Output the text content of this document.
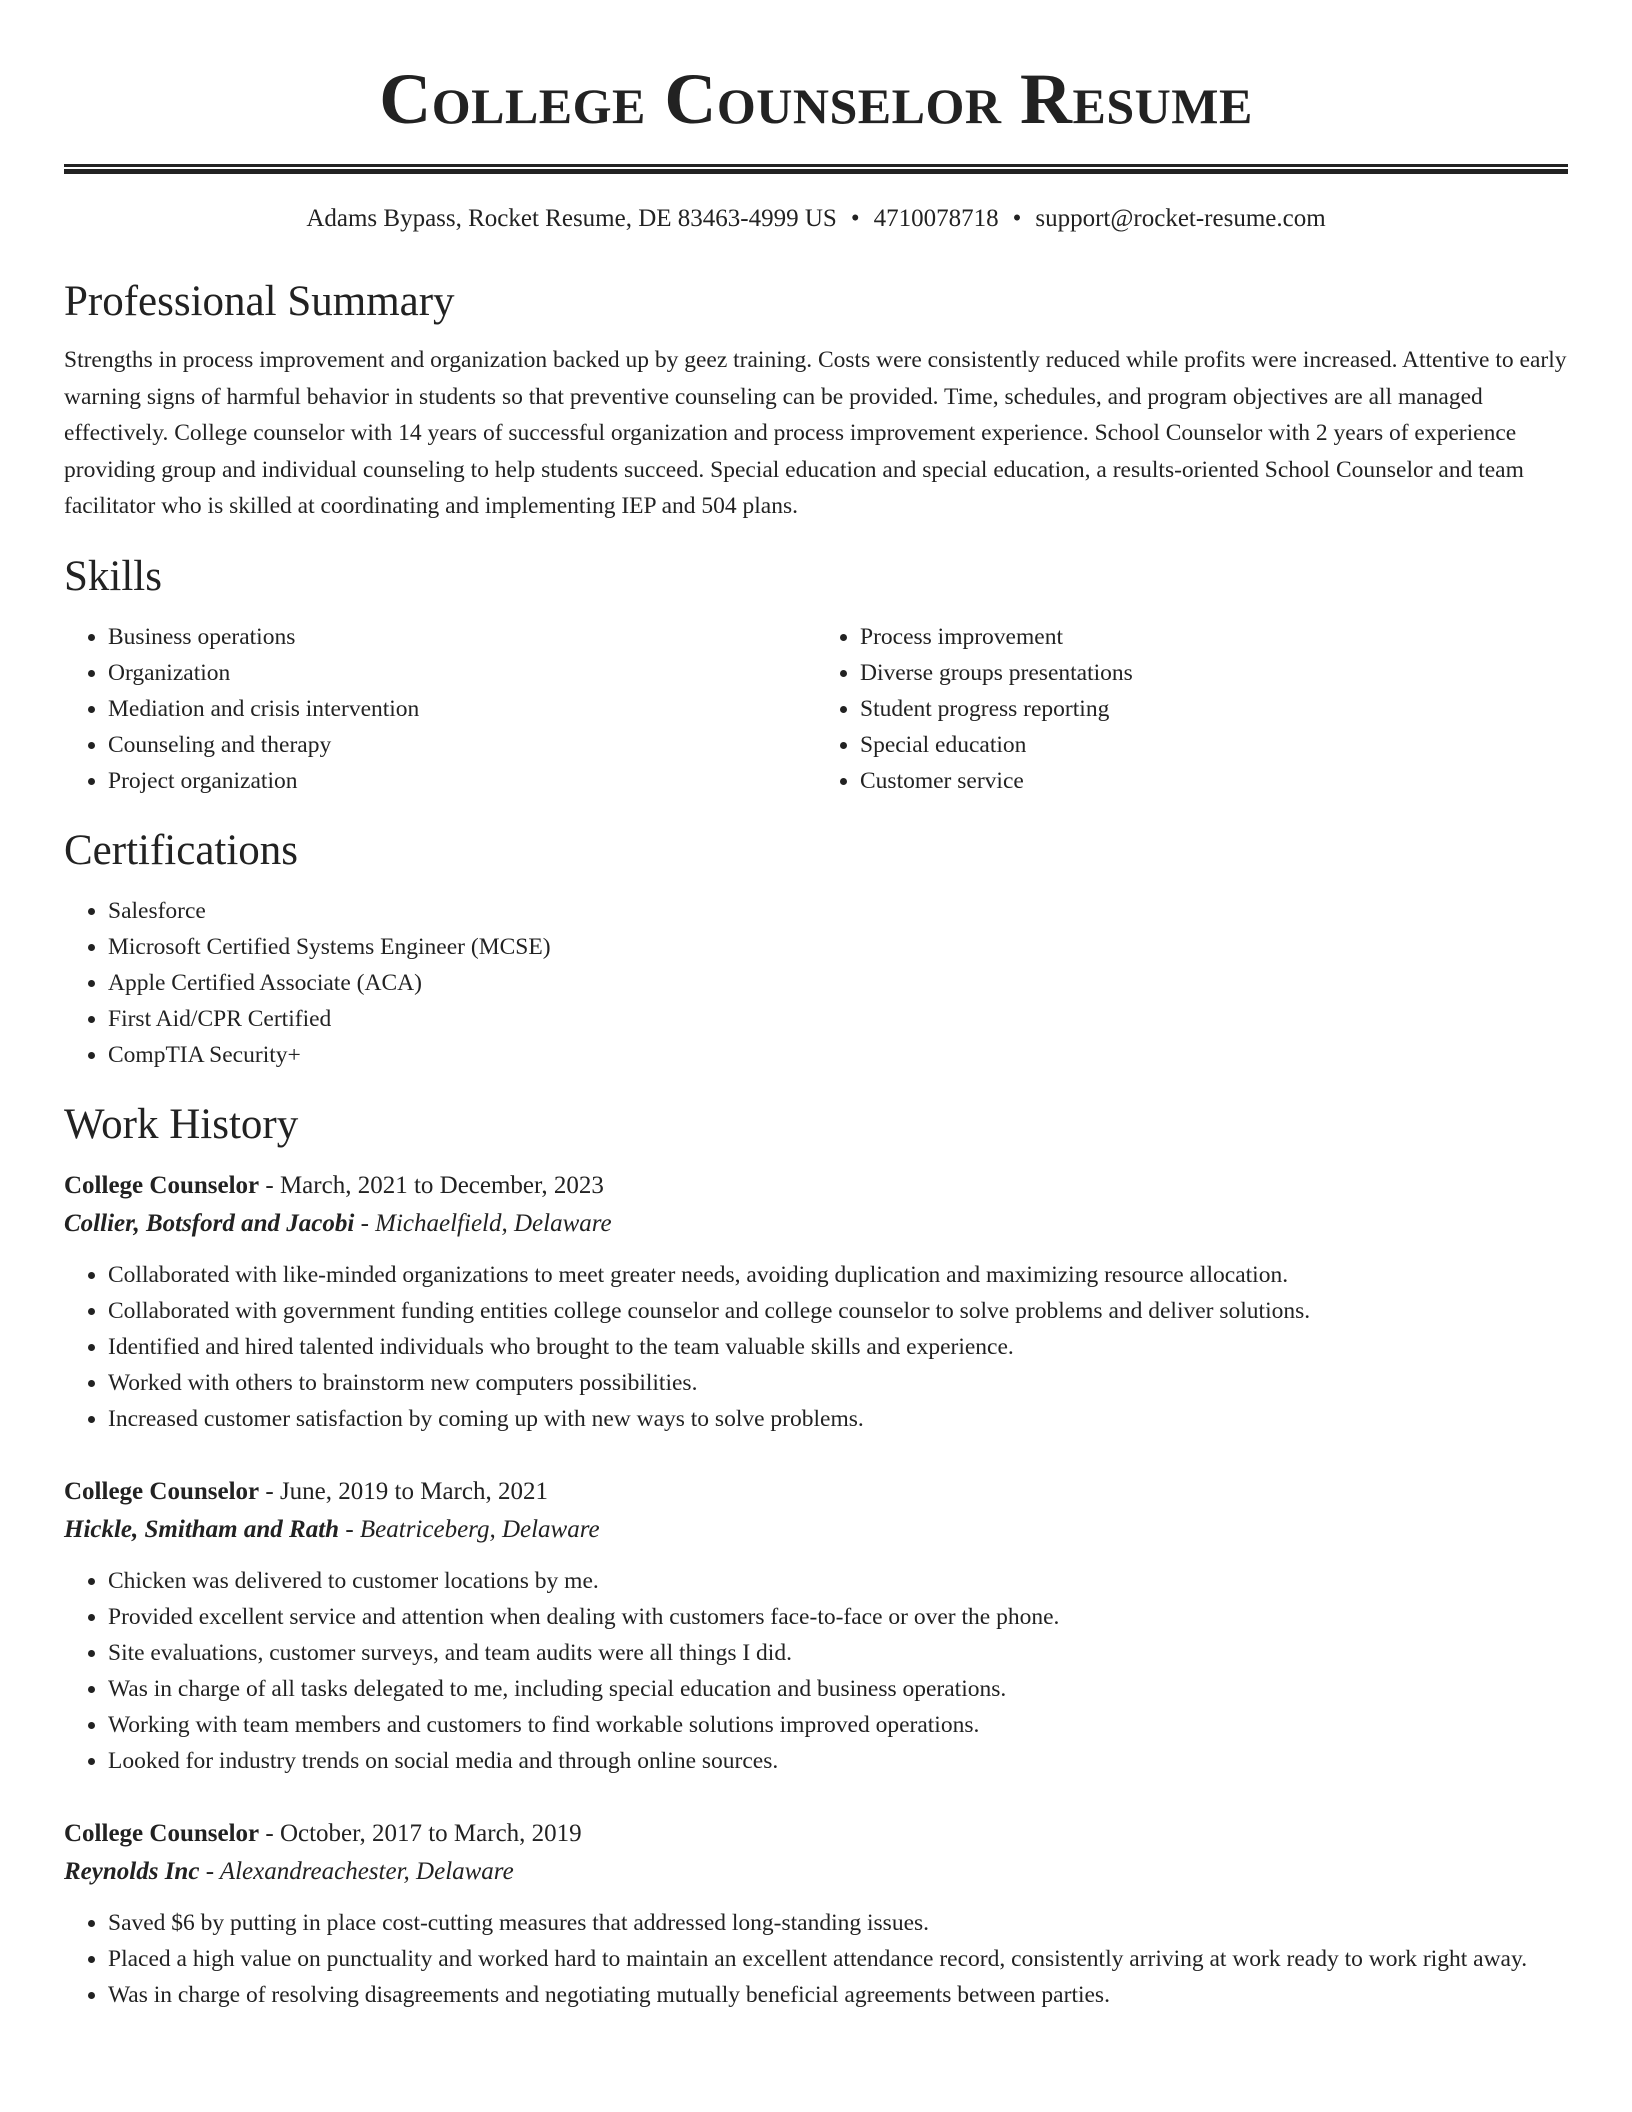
College Counselor Resume
Adams Bypass, Rocket Resume, DE 83463-4999 US • 4710078718 • support@rocket-resume.com
Professional Summary

Strengths in process improvement and organization backed up by geez training. Costs were consistently reduced while profits were increased. Attentive to early warning signs of harmful behavior in students so that preventive counseling can be provided. Time, schedules, and program objectives are all managed effectively. College counselor with 14 years of successful organization and process improvement experience. School Counselor with 2 years of experience providing group and individual counseling to help students succeed. Special education and special education, a results-oriented School Counselor and team facilitator who is skilled at coordinating and implementing IEP and 504 plans.

Skills
• Business operations
• Organization
• Mediation and crisis intervention
• Counseling and therapy
• Project organization
• Process improvement
• Diverse groups presentations
• Student progress reporting
• Special education
• Customer service
Certifications
• Salesforce
• Microsoft Certified Systems Engineer (MCSE)
• Apple Certified Associate (ACA)
• First Aid/CPR Certified
• CompTIA Security+
Work History
College Counselor - March, 2021 to December, 2023
Collier, Botsford and Jacobi - Michaelfield, Delaware
• Collaborated with like-minded organizations to meet greater needs, avoiding duplication and maximizing resource allocation.
• Collaborated with government funding entities college counselor and college counselor to solve problems and deliver solutions.
• Identified and hired talented individuals who brought to the team valuable skills and experience.
• Worked with others to brainstorm new computers possibilities.
• Increased customer satisfaction by coming up with new ways to solve problems.
College Counselor - June, 2019 to March, 2021
Hickle, Smitham and Rath - Beatriceberg, Delaware
• Chicken was delivered to customer locations by me.
• Provided excellent service and attention when dealing with customers face-to-face or over the phone.
• Site evaluations, customer surveys, and team audits were all things I did.
• Was in charge of all tasks delegated to me, including special education and business operations.
• Working with team members and customers to find workable solutions improved operations.
• Looked for industry trends on social media and through online sources.
College Counselor - October, 2017 to March, 2019
Reynolds Inc - Alexandreachester, Delaware
• Saved $6 by putting in place cost-cutting measures that addressed long-standing issues.
• Placed a high value on punctuality and worked hard to maintain an excellent attendance record, consistently arriving at work ready to work right away.
• Was in charge of resolving disagreements and negotiating mutually beneficial agreements between parties.
